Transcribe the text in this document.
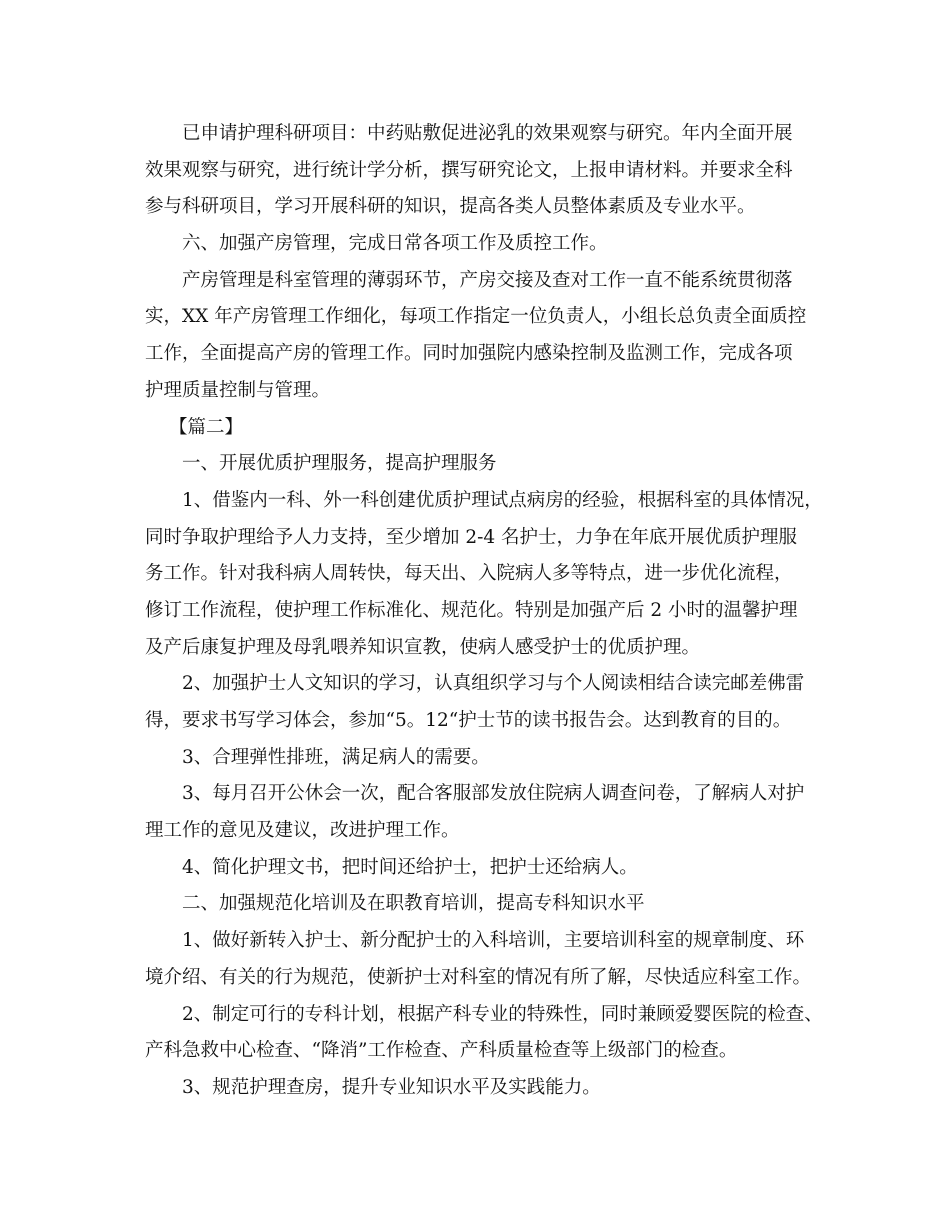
已申请护理科研项目：中药贴敷促进泌乳的效果观察与研究。年内全面开展
效果观察与研究，进行统计学分析，撰写研究论文，上报申请材料。并要求全科
参与科研项目，学习开展科研的知识，提高各类人员整体素质及专业水平。
六、加强产房管理，完成日常各项工作及质控工作。
产房管理是科室管理的薄弱环节，产房交接及查对工作一直不能系统贯彻落
实，XX 年产房管理工作细化，每项工作指定一位负责人，小组长总负责全面质控
工作，全面提高产房的管理工作。同时加强院内感染控制及监测工作，完成各项
护理质量控制与管理。
【篇二】
一、开展优质护理服务，提高护理服务
1、借鉴内一科、外一科创建优质护理试点病房的经验，根据科室的具体情况，
同时争取护理给予人力支持，至少增加 2-4 名护士，力争在年底开展优质护理服
务工作。针对我科病人周转快，每天出、入院病人多等特点，进一步优化流程，
修订工作流程，使护理工作标准化、规范化。特别是加强产后 2 小时的温馨护理
及产后康复护理及母乳喂养知识宣教，使病人感受护士的优质护理。
2、加强护士人文知识的学习，认真组织学习与个人阅读相结合读完邮差佛雷
得，要求书写学习体会，参加“5。12“护士节的读书报告会。达到教育的目的。
3、合理弹性排班，满足病人的需要。
3、每月召开公休会一次，配合客服部发放住院病人调查问卷，了解病人对护
理工作的意见及建议，改进护理工作。
4、简化护理文书，把时间还给护士，把护士还给病人。
二、加强规范化培训及在职教育培训，提高专科知识水平
1、做好新转入护士、新分配护士的入科培训，主要培训科室的规章制度、环
境介绍、有关的行为规范，使新护士对科室的情况有所了解，尽快适应科室工作。
2、制定可行的专科计划，根据产科专业的特殊性，同时兼顾爱婴医院的检查、
产科急救中心检查、“降消”工作检查、产科质量检查等上级部门的检查。
3、规范护理查房，提升专业知识水平及实践能力。
